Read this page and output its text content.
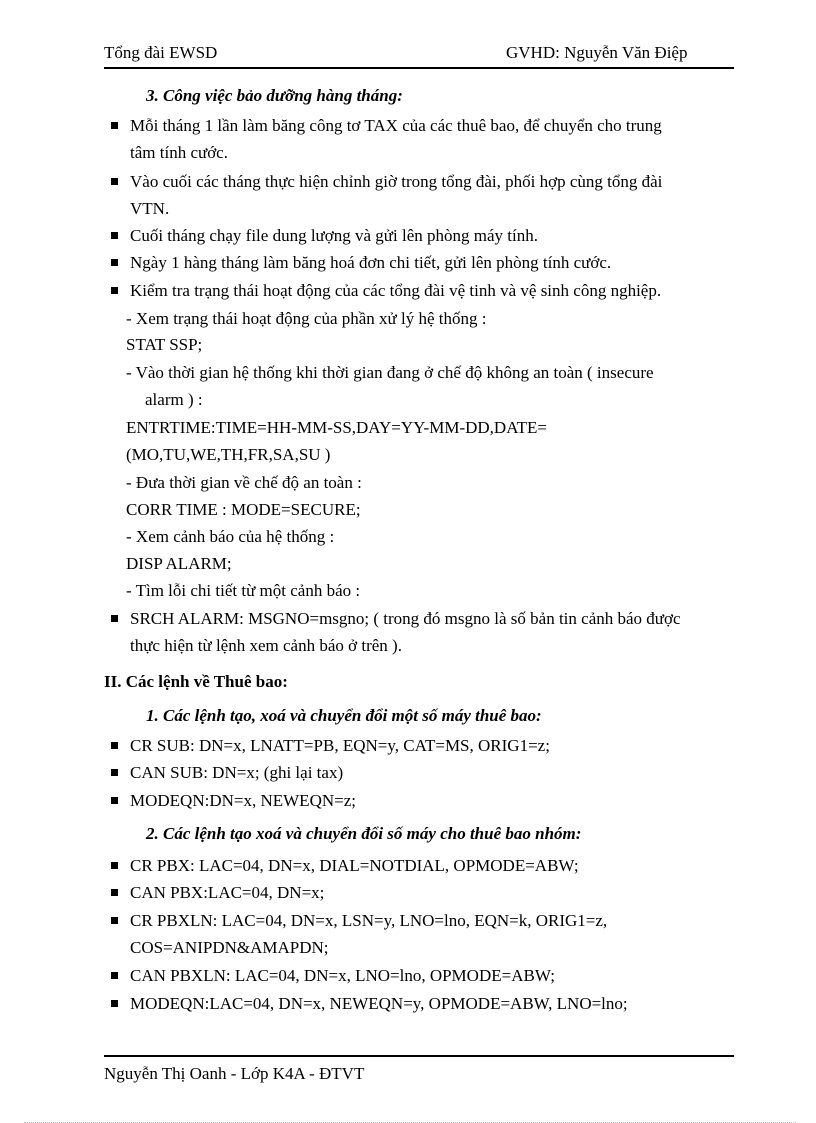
Tổng đài EWSD	GVHD: Nguyễn Văn Điệp
3. Công việc bảo dưỡng hàng tháng:
Mỗi tháng 1 lần làm băng công tơ TAX của các thuê bao, để chuyển cho trung
tâm tính cước.
Vào cuối các tháng thực hiện chỉnh giờ trong tổng đài, phối hợp cùng tổng đài
VTN.
Cuối tháng chạy file dung lượng và gửi lên phòng máy tính.
Ngày 1 hàng tháng làm băng hoá đơn chi tiết, gửi lên phòng tính cước.
Kiểm tra trạng thái hoạt động của các tổng đài vệ tinh và vệ sinh công nghiệp.
- Xem trạng thái hoạt động của phần xử lý hệ thống :
STAT SSP;
- Vào thời gian hệ thống khi thời gian đang ở chế độ không an toàn ( insecure
alarm ) :
ENTRTIME:TIME=HH-MM-SS,DAY=YY-MM-DD,DATE=
(MO,TU,WE,TH,FR,SA,SU )
- Đưa thời gian về chế độ an toàn :
CORR TIME : MODE=SECURE;
- Xem cảnh báo của hệ thống :
DISP ALARM;
- Tìm lỗi chi tiết từ một cảnh báo :
SRCH ALARM: MSGNO=msgno; ( trong đó msgno là số bản tin cảnh báo được
thực hiện từ lệnh xem cảnh báo ở trên ).
II. Các lệnh về Thuê bao:
1. Các lệnh tạo, xoá và chuyển đổi một số máy thuê bao:
CR SUB: DN=x, LNATT=PB, EQN=y, CAT=MS, ORIG1=z;
CAN SUB: DN=x; (ghi lại tax)
MODEQN:DN=x, NEWEQN=z;
2. Các lệnh tạo xoá và chuyển đổi số máy cho thuê bao nhóm:
CR PBX: LAC=04, DN=x, DIAL=NOTDIAL, OPMODE=ABW;
CAN PBX:LAC=04, DN=x;
CR PBXLN: LAC=04, DN=x, LSN=y, LNO=lno, EQN=k, ORIG1=z,
COS=ANIPDN&AMAPDN;
CAN PBXLN: LAC=04, DN=x, LNO=lno, OPMODE=ABW;
MODEQN:LAC=04, DN=x, NEWEQN=y, OPMODE=ABW, LNO=lno;
Nguyễn Thị Oanh - Lớp K4A - ĐTVT
